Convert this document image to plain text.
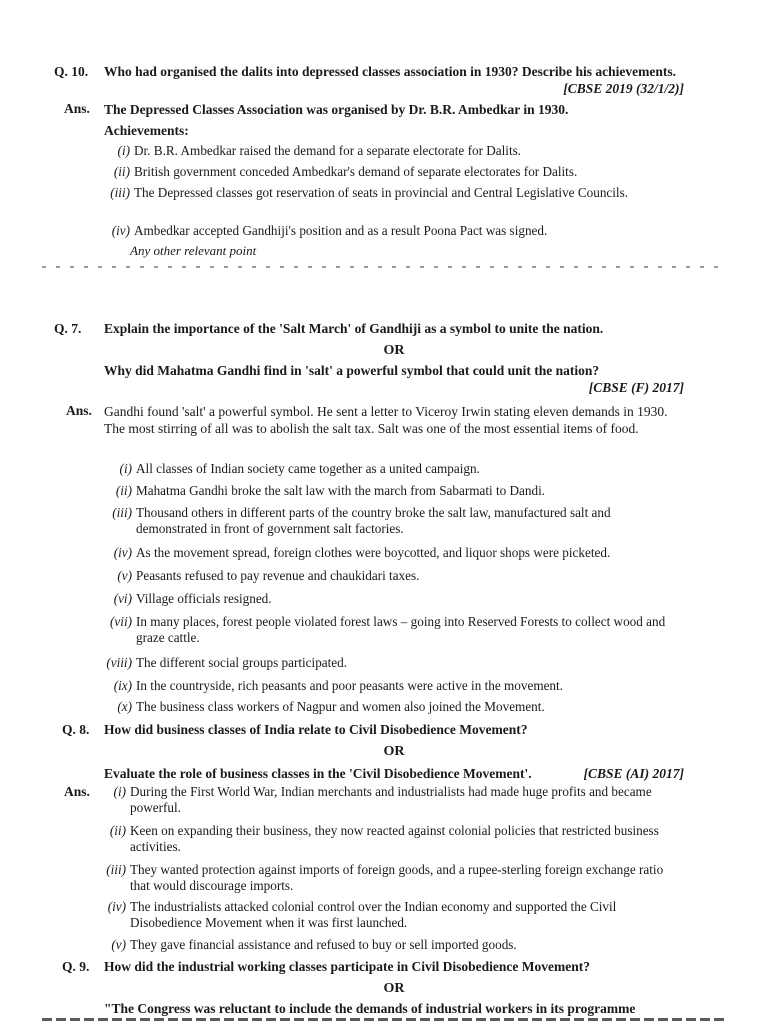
Q. 10.	Who had organised the dalits into depressed classes association in 1930? Describe his achievements.
[CBSE 2019 (32/1/2)]
Ans. The Depressed Classes Association was organised by Dr. B.R. Ambedkar in 1930.
Achievements:
(i) Dr. B.R. Ambedkar raised the demand for a separate electorate for Dalits.
(ii) British government conceded Ambedkar's demand of separate electorates for Dalits.
(iii) The Depressed classes got reservation of seats in provincial and Central Legislative Councils.
(iv) Ambedkar accepted Gandhiji's position and as a result Poona Pact was signed.
Any other relevant point
Q. 7.	Explain the importance of the 'Salt March' of Gandhiji as a symbol to unite the nation.
OR
Why did Mahatma Gandhi find in 'salt' a powerful symbol that could unit the nation?
[CBSE (F) 2017]
Ans. Gandhi found 'salt' a powerful symbol. He sent a letter to Viceroy Irwin stating eleven demands in 1930. The most stirring of all was to abolish the salt tax. Salt was one of the most essential items of food.
(i) All classes of Indian society came together as a united campaign.
(ii) Mahatma Gandhi broke the salt law with the march from Sabarmati to Dandi.
(iii) Thousand others in different parts of the country broke the salt law, manufactured salt and demonstrated in front of government salt factories.
(iv) As the movement spread, foreign clothes were boycotted, and liquor shops were picketed.
(v) Peasants refused to pay revenue and chaukidari taxes.
(vi) Village officials resigned.
(vii) In many places, forest people violated forest laws – going into Reserved Forests to collect wood and graze cattle.
(viii) The different social groups participated.
(ix) In the countryside, rich peasants and poor peasants were active in the movement.
(x) The business class workers of Nagpur and women also joined the Movement.
Q. 8.	How did business classes of India relate to Civil Disobedience Movement?
OR
Evaluate the role of business classes in the 'Civil Disobedience Movement'.	[CBSE (AI) 2017]
Ans.	(i) During the First World War, Indian merchants and industrialists had made huge profits and became powerful.
(ii) Keen on expanding their business, they now reacted against colonial policies that restricted business activities.
(iii) They wanted protection against imports of foreign goods, and a rupee-sterling foreign exchange ratio that would discourage imports.
(iv) The industrialists attacked colonial control over the Indian economy and supported the Civil Disobedience Movement when it was first launched.
(v) They gave financial assistance and refused to buy or sell imported goods.
Q. 9.	How did the industrial working classes participate in Civil Disobedience Movement?
OR
"The Congress was reluctant to include the demands of industrial workers in its programme
